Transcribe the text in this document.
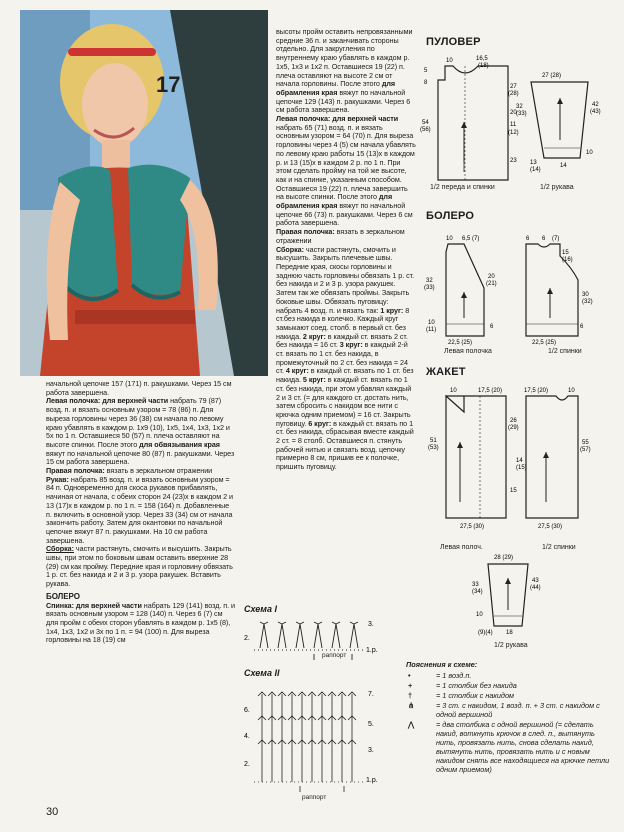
17

начальной цепочке 157 (171) п. ракушками. Через 15 см работа завершена.

Левая полочка: для верхней части набрать 79 (87) возд. п. и вязать основным узором = 78 (86) п. Для выреза горловины через 36 (38) см начала по левому краю убавлять в каждом р. 1х9 (10), 1х5, 1х4, 1х3, 1х2 и 5х по 1 п. Оставшиеся 50 (57) п. плеча оставляют на высоте спинки. После этого для обвязывания края вяжут по начальной цепочке 80 (87) п. ракушками. Через 15 см работа завершена.

Правая полочка: вязать в зеркальном отражении

Рукав: набрать 85 возд. п. и вязать основным узором = 84 п. Одновременно для скоса рукавов прибавлять, начиная от начала, с обеих сторон 24 (23)х в каждом 2 и 13 (17)х в каждом р. по 1 п. = 158 (164) п. Добавленные п. включить в основной узор. Через 33 (34) см от начала закончить работу. Затем для окантовки по начальной цепочке вяжут 87 п. ракушками. На 10 см работа завершена.

Сборка: части растянуть, смочить и высушить. Закрыть швы, при этом по боковым швам оставить вверхние 28 (29) см как пройму. Передние края и горловину обвязать 1 р. ст. без накида и 2 и 3 р. узора ракушек. Вставить рукава.

БОЛЕРО

Спинка: для верхней части набрать 129 (141) возд. п. и вязать основным узором = 128 (140) п. Через 6 (7) см для пройм с обеих сторон убавлять в каждом р. 1х5 (8), 1х4, 1х3, 1х2 и 3х по 1 п. = 94 (100) п. Для выреза горловины на 18 (19) см

высоты пройм оставить непровязанными средние 36 п. и заканчивать стороны отдельно. Для закругления по внутреннему краю убавлять в каждом р. 1х5, 1х3 и 1х2 п. Оставшиеся 19 (22) п. плеча оставляют на высоте 2 см от начала горловины. После этого для обрамления края вяжут по начальной цепочке 129 (143) п. ракушками. Через 6 см работа завершена.

Левая полочка: для верхней части набрать 65 (71) возд. п. и вязать основным узором = 64 (70) п. Для выреза горловины через 4 (5) см начала убавлять по левому краю работы 15 (13)х в каждом р. и 13 (15)х в каждом 2 р. по 1 п. При этом сделать пройму на той же высоте, как и на спинке, указанным способом. Оставшиеся 19 (22) п. плеча завершить на высоте спинки. После этого для обрамления края вяжут по начальной цепочке 66 (73) п. ракушками. Через 6 см работа завершена.

Правая полочка: вязать в зеркальном отражении

Сборка: части растянуть, смочить и высушить. Закрыть плечевые швы. Передние края, скосы горловины и заднюю часть горловины обвязать 1 р. ст. без накида и 2 и 3 р. узора ракушек. Затем так же обвязать проймы. Закрыть боковые швы. Обвязать пуговицу: набрать 4 возд. п. и вязать так: 1 круг: 8 ст.без накида в колечко. Каждый круг замыкают соед. столб. в первый ст. без накида. 2 круг: в каждый ст. вязать 2 ст. без накида = 16 ст. 3 круг: в каждый 2-й ст. вязать по 1 ст. без накида, в промежуточный по 2 ст. без накида = 24 ст. 4 круг: в каждый ст. вязать по 1 ст. без накида. 5 круг: в каждый ст. вязать по 1 ст. без накида, при этом убавлял каждый 2 и 3 ст. (= для каждого ст. достать нить, затем сбросить с накидом все нити с крючка одним приемом) = 16 ст. Закрыть пуговицу. 6 круг: в каждый ст. вязать по 1 ст. без накида, сбрасывая вместе каждый 2 ст. = 8 столб. Оставшиеся п. стянуть рабочей нитью и связать возд. цепочку примерно 8 см, пришив ее к полочке, пришить пуговицу.

ПУЛОВЕР
БОЛЕРО
ЖАКЕТ
10	16,5
(18)
5
8
27
(28)
54
(56)
20
11
(12)
23
1/2 переда и спинки
27 (28)
32
(33)
42
(43)
10
13
(14)
14
1/2 рукава
10 6,5 (7)
32
(33)
20
(21)
10
(11)	6
22,5 (25)
Левая полочка
6 6 (7)
15
(16)
30
(32)
6
22,5 (25)
1/2 спинки
10	17,5 (20)
51
(53)
26
(29)
15
27,5 (30)
Левая полоч.
17,5 (20)	10
55
(57)
14
(15)
27,5 (30)
1/2 спинки
28 (29)
33
(34)
43
(44)
10
(9)(4) 18
1/2 рукава
Схема I
3.
2.
1.р.
раппорт
Схема II
7.
6.
5.
4.
3.
2.
1.р.
раппорт
Пояснения к схеме:
•	= 1 возд.п.
+	= 1 столбик без накида
†	= 1 столбик с накидом
⋔	= 3 ст. с накидом, 1 возд. п. + 3 ст. с накидом с одной вершиной
⋀	= два столбика с одной вершиной (= сделать накид, воткнуть крючок в след. п., вытянуть нить, провязать нить, снова сделать накид, вытянуть нить, провязать нить и с новым накидом снять все находящиеся на крючке петли одним приемом)
30
